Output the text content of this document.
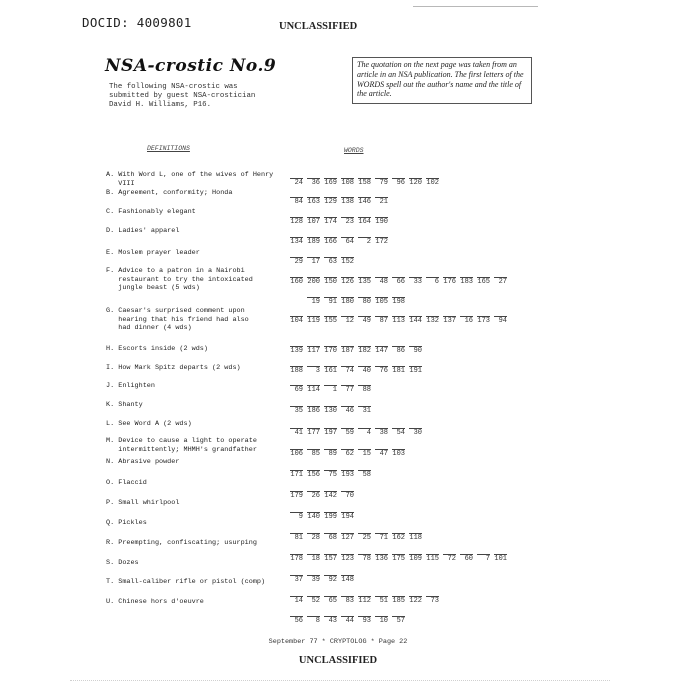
DOCID: 4009801	UNCLASSIFIED
NSA-crostic No.9
The following NSA-crostic was
submitted by guest NSA-crostician
David H. Williams, P16.
The quotation on the next page was taken from an article in an NSA publication. The first letters of the WORDS spell out the author's name and the title of the article.
DEFINITIONS	WORDS
A. With Word L, one of the wives of Henry
VIII	24	36 169 108 158	79	96 120 102
B. Agreement, conformity; Honda
84 163 129 138 146	21
C. Fashionably elegant
128 107 174	23 164 190
D. Ladies' apparel
134 189 166	64	2 172
E. Moslem prayer leader
29	17	63 152
F. Advice to a patron in a Nairobi
restaurant to try the intoxicated
jungle beast (5 wds)
160 200 150 126 135	48	66	33	6 176 183 165	27
19	91 180	80 105 198
G. Caesar's surprised comment upon
hearing that his friend had also
had dinner (4 wds)
104 119 155	12	49	87 113 144 132 137	16 173	94
H. Escorts inside (2 wds)	139 117 170 187 182 147	86	90
I. How Mark Spitz departs (2 wds)	188	3 161	74	40	76 181 191
J. Enlighten	69 114	1	77	88
K. Shanty
35 186 130	46	31
L. See Word A (2 wds)
41 177 197	59	4	38	54	30
M. Device to cause a light to operate
intermittently; MHMH's grandfather
106	85	89	62	15	47 103
N. Abrasive powder
171 156	75 193	58
O. Flaccid
179	26 142	70
P. Small whirlpool
9 140 199 194
Q. Pickles
81	28	68 127	25	71 162 118
R. Preempting, confiscating; usurping
178	18 157 123	78 136 175 109 115	72	60	7 101
S. Dozes
37	39	92 148
T. Small-caliber rifle or pistol (comp)
14	52	65	83 112	51 185 122	73
U. Chinese hors d'oeuvre
56	8	43	44	93	10	57
September 77 * CRYPTOLOG * Page 22
UNCLASSIFIED
